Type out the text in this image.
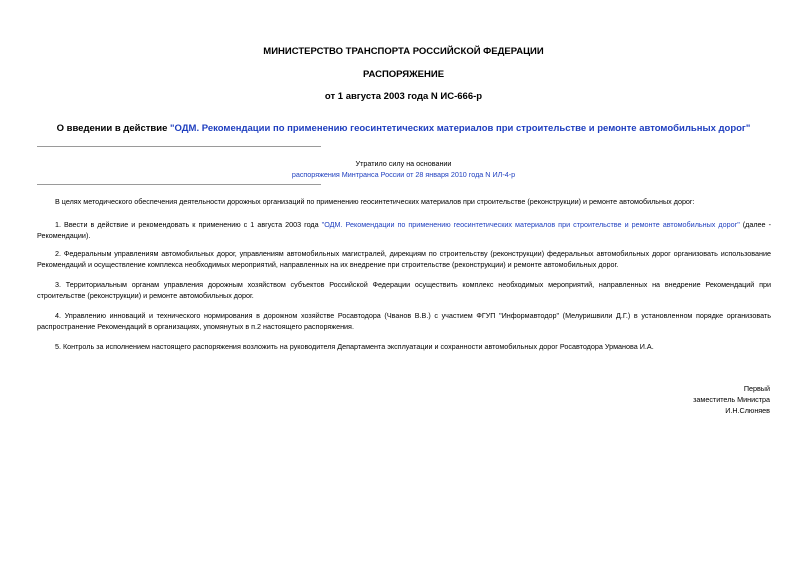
МИНИСТЕРСТВО ТРАНСПОРТА РОССИЙСКОЙ ФЕДЕРАЦИИ
РАСПОРЯЖЕНИЕ
от 1 августа 2003 года N ИС-666-р
О введении в действие "ОДМ. Рекомендации по применению геосинтетических материалов при строительстве и ремонте автомобильных дорог"
Утратило силу на основании
распоряжения Минтранса России от 28 января 2010 года N ИЛ-4-р
В целях методического обеспечения деятельности дорожных организаций по применению геосинтетических материалов при строительстве (реконструкции) и ремонте автомобильных дорог:
1. Ввести в действие и рекомендовать к применению с 1 августа 2003 года "ОДМ. Рекомендации по применению геосинтетических материалов при строительстве и ремонте автомобильных дорог" (далее - Рекомендации).
2. Федеральным управлениям автомобильных дорог, управлениям автомобильных магистралей, дирекциям по строительству (реконструкции) федеральных автомобильных дорог организовать использование Рекомендаций и осуществление комплекса необходимых мероприятий, направленных на их внедрение при строительстве (реконструкции) и ремонте автомобильных дорог.
3. Территориальным органам управления дорожным хозяйством субъектов Российской Федерации осуществить комплекс необходимых мероприятий, направленных на внедрение Рекомендаций при строительстве (реконструкции) и ремонте автомобильных дорог.
4. Управлению инноваций и технического нормирования в дорожном хозяйстве Росавтодора (Чванов В.В.) с участием ФГУП "Информавтодор" (Мелуришвили Д.Г.) в установленном порядке организовать распространение Рекомендаций в организациях, упомянутых в п.2 настоящего распоряжения.
5. Контроль за исполнением настоящего распоряжения возложить на руководителя Департамента эксплуатации и сохранности автомобильных дорог Росавтодора Урманова И.А.
Первый
заместитель Министра
И.Н.Слюняев
